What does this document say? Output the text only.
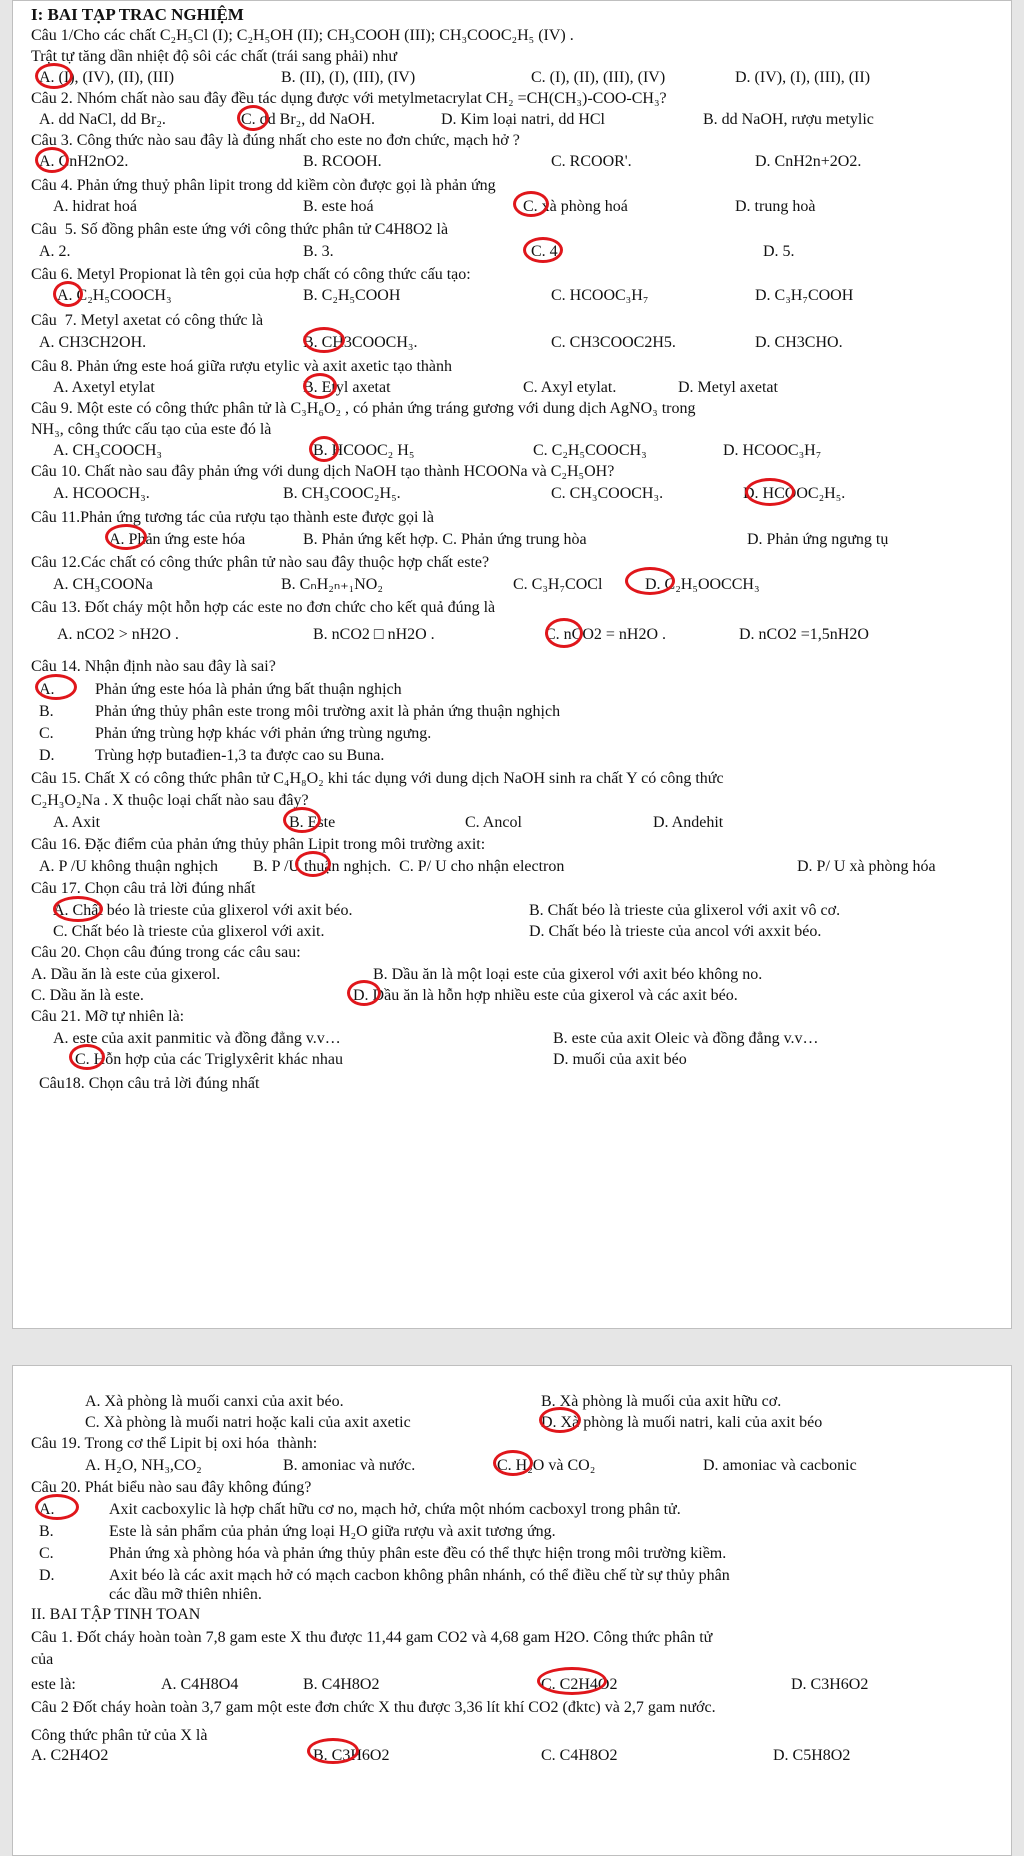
I: BAI TẠP TRAC NGHIỆM
Câu 1/Cho các chất C₂H₅Cl (I); C₂H₅OH (II); CH₃COOH (III); CH₃COOC₂H₅ (IV) .
Trật tự tăng dần nhiệt độ sôi các chất (trái sang phải) như
A. (I), (IV), (II), (III)	B. (II), (I), (III), (IV)	C. (I), (II), (III), (IV)	D. (IV), (I), (III), (II)
Câu 2. Nhóm chất nào sau đây đều tác dụng được với metylmetacrylat CH₂ =CH(CH₃)-COO-CH₃?
A. dd NaCl, dd Br₂.	C. dd Br₂, dd NaOH.	D. Kim loại natri, dd HCl	B. dd NaOH, rượu metylic
Câu 3. Công thức nào sau đây là đúng nhất cho este no đơn chức, mạch hở ?
A. CnH2nO2.	B. RCOOH.	C. RCOOR'.	D. CnH2n+2O2.
Câu 4. Phản ứng thuỷ phân lipit trong dd kiềm còn được gọi là phản ứng
A. hidrat hoá	B. este hoá	C. xà phòng hoá	D. trung hoà
Câu  5. Số đồng phân este ứng với công thức phân tử C4H8O2 là
A. 2.	B. 3.	C. 4.	D. 5.
Câu 6. Metyl Propionat là tên gọi của hợp chất có công thức cấu tạo:
A. C₂H₅COOCH₃	B. C₂H₅COOH	C. HCOOC₃H₇	D. C₃H₇COOH
Câu  7. Metyl axetat có công thức là
A. CH3CH2OH.	B. CH3COOCH₃.	C. CH3COOC2H5.	D. CH3CHO.
Câu 8. Phản ứng este hoá giữa rượu etylic và axit axetic tạo thành
A. Axetyl etylat	B. Etyl axetat	C. Axyl etylat.	D. Metyl axetat
Câu 9. Một este có công thức phân tử là C₃H₆O₂ , có phản ứng tráng gương với dung dịch AgNO₃ trong
NH₃, công thức cấu tạo của este đó là
A. CH₃COOCH₃	B. HCOOC₂ H₅	C. C₂H₅COOCH₃	D. HCOOC₃H₇
Câu 10. Chất nào sau đây phản ứng với dung dịch NaOH tạo thành HCOONa và C₂H₅OH?
A. HCOOCH₃.	B. CH₃COOC₂H₅.	C. CH₃COOCH₃.	D. HCOOC₂H₅.
Câu 11.Phản ứng tương tác của rượu tạo thành este được gọi là
A. Phản ứng este hóa	B. Phản ứng kết hợp. C. Phản ứng trung hòa	D. Phản ứng ngưng tụ
Câu 12.Các chất có công thức phân tử nào sau đây thuộc hợp chất este?
A. CH₃COONa	B. CₙH₂ₙ₊₁NO₂	C. C₃H₇COCl	D. C₂H₅OOCCH₃
Câu 13. Đốt cháy một hỗn hợp các este no đơn chức cho kết quả đúng là
A. nCO2 > nH2O .	B. nCO2 □ nH2O .	C. nCO2 = nH2O .	D. nCO2 =1,5nH2O
Câu 14. Nhận định nào sau đây là sai?
A.	Phản ứng este hóa là phản ứng bất thuận nghịch
B.	Phản ứng thủy phân este trong môi trường axit là phản ứng thuận nghịch
C.	Phản ứng trùng hợp khác với phản ứng trùng ngưng.
D.	Trùng hợp butađien-1,3 ta được cao su Buna.
Câu 15. Chất X có công thức phân tử C₄H₈O₂ khi tác dụng với dung dịch NaOH sinh ra chất Y có công thức
C₂H₃O₂Na . X thuộc loại chất nào sau đây?
A. Axit	B. Este	C. Ancol	D. Andehit
Câu 16. Đặc điểm của phản ứng thủy phân Lipit trong môi trường axit:
A. P /U không thuận nghịch B. P /U thuận nghịch.  C. P/ U cho nhận electron	D. P/ U xà phòng hóa
Câu 17. Chọn câu trả lời đúng nhất
A. Chất béo là trieste của glixerol với axit béo.	B. Chất béo là trieste của glixerol với axit vô cơ.
C. Chất béo là trieste của glixerol với axit.	D. Chất béo là trieste của ancol với axxit béo.
Câu 20. Chọn câu đúng trong các câu sau:
A. Dầu ăn là este của gixerol.	B. Dầu ăn là một loại este của gixerol với axit béo không no.
C. Dầu ăn là este.	D. Dầu ăn là hỗn hợp nhiều este của gixerol và các axit béo.
Câu 21. Mỡ tự nhiên là:
A. este của axit panmitic và đồng đẳng v.v…	B. este của axit Oleic và đồng đẳng v.v…
C. Hỗn hợp của các Triglyxêrit khác nhau	D. muối của axit béo
Câu18. Chọn câu trả lời đúng nhất
A. Xà phòng là muối canxi của axit béo.	B. Xà phòng là muối của axit hữu cơ.
C. Xà phòng là muối natri hoặc kali của axit axetic	D. Xà phòng là muối natri, kali của axit béo
Câu 19. Trong cơ thể Lipit bị oxi hóa  thành:
A. H₂O, NH₃,CO₂	B. amoniac và nước.	C. H₂O và CO₂	D. amoniac và cacbonic
Câu 20. Phát biểu nào sau đây không đúng?
A.	Axit cacboxylic là hợp chất hữu cơ no, mạch hở, chứa một nhóm cacboxyl trong phân tử.
B.	Este là sản phẩm của phản ứng loại H₂O giữa rượu và axit tương ứng.
C.	Phản ứng xà phòng hóa và phản ứng thủy phân este đều có thể thực hiện trong môi trường kiềm.
D.	Axit béo là các axit mạch hở có mạch cacbon không phân nhánh, có thể điều chế từ sự thủy phân
các dầu mỡ thiên nhiên.
II. BAI TẬP TINH TOAN
Câu 1. Đốt cháy hoàn toàn 7,8 gam este X thu được 11,44 gam CO2 và 4,68 gam H2O. Công thức phân tử
của
este là:	A. C4H8O4	B. C4H8O2	C. C2H4O2	D. C3H6O2
Câu 2 Đốt cháy hoàn toàn 3,7 gam một este đơn chức X thu được 3,36 lít khí CO2 (đktc) và 2,7 gam nước.
Công thức phân tử của X là
A. C2H4O2	B. C3H6O2	C. C4H8O2	D. C5H8O2
